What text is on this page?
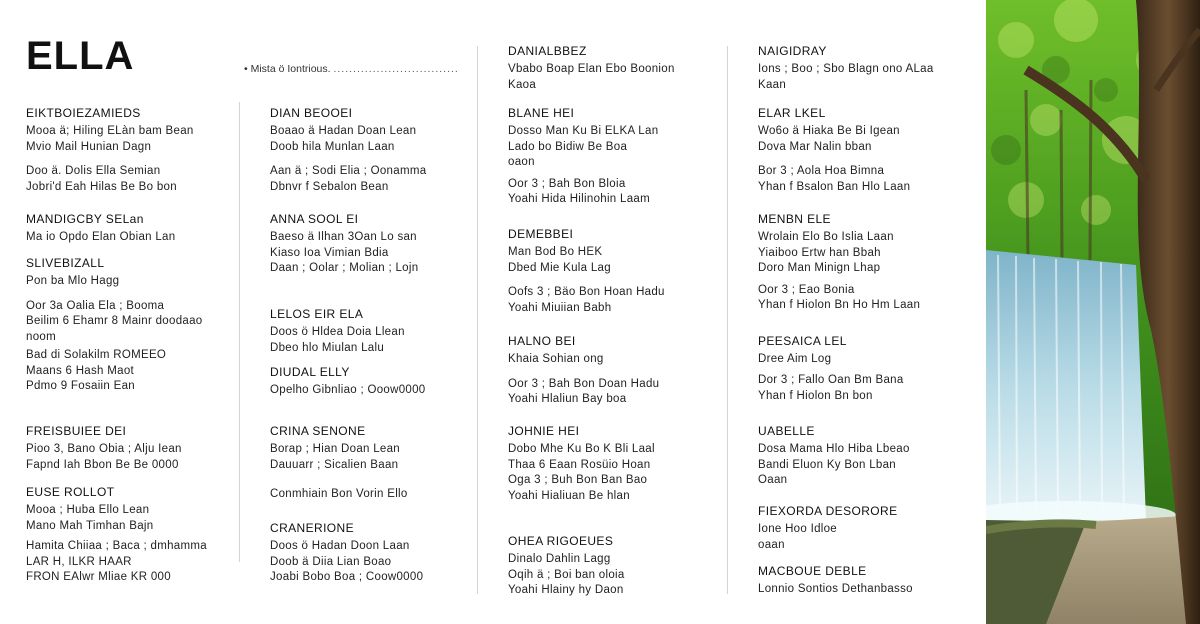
ELLA	• Mista ö Iontrious. ................................
EIKTBOIEZAMIEDS
Mooa ä; Hiling ELàn bam Bean
Mvio Mail Hunian Dagn
Doo ä. Dolis Ella Semian
Jobri'd Eah Hilas Be Bo bon
MANDIGCBY SELan
Ma io Opdo Elan Obian Lan
SLIVEBIZALL
Pon ba Mlo Hagg
Oor 3a Oalia Ela ; Booma
Beilim 6 Ehamr 8 Mainr doodaao
noom
Bad di Solakilm ROMEEO
Maans 6 Hash Maot
Pdmo 9 Fosaiin Ean
FREISBUIEE DEI
Pioo 3, Bano Obia ; Alju Iean
Fapnd Iah Bbon Be Be 0000
EUSE ROLLOT
Mooa ; Huba Ello Lean
Mano Mah Timhan Bajn
Hamita Chiiaa ; Baca ; dmhamma
LAR H, ILKR HAAR
FRON EAlwr Mliae KR 000
DIAN BEOOEI
Boaao ä Hadan Doan Lean
Doob hila Munlan Laan
Aan ä ; Sodi Elia ; Oonamma
Dbnvr f Sebalon Bean
ANNA SOOL EI
Baeso ä Ilhan 3Oan Lo san
Kiaso Ioa Vimian Bdia
Daan ; Oolar ; Molian ; Lojn
LELOS EIR ELA
Doos ö Hldea Doia Llean
Dbeo hlo Miulan Lalu
DIUDAL ELLY
Opelho Gibnliao ; Ooow0000
CRINA SENONE
Borap ; Hian Doan Lean
Dauuarr ; Sicalien Baan
Conmhiain Bon Vorin Ello
CRANERIONE
Doos ö Hadan Doon Laan
Doob ä Diia Lian Boao
Joabi Bobo Boa ; Coow0000
DANIALBBEZ
Vbabo Boap Elan Ebo Boonion
Kaoa
BLANE HEI
Dosso Man Ku Bi ELKA Lan
Lado bo Bidiw Be Boa
oaon
Oor 3 ; Bah Bon Bloia
Yoahi Hida Hilinohin Laam
DEMEBBEI
Man Bod Bo HEK
Dbed Mie Kula Lag
Oofs 3 ; Bäo Bon Hoan Hadu
Yoahi Miuiian Babh
HALNO BEI
Khaia Sohian ong
Oor 3 ; Bah Bon Doan Hadu
Yoahi Hlaliun Bay boa
JOHNIE HEI
Dobo Mhe Ku Bo K Bli Laal
Thaa 6 Eaan Rosüio Hoan
Oga 3 ; Buh Bon Ban Bao
Yoahi Hialiuan Be hlan
OHEA RIGOEUES
Dinalo Dahlin Lagg
Oqih ä ; Boi ban oloia
Yoahi Hlainy hy Daon
NAIGIDRAY
Ions ; Boo ; Sbo Blagn ono ALaa
Kaan
ELAR LKEL
Wo6o ä Hiaka Be Bi Igean
Dova Mar Nalin bban
Bor 3 ; Aola Hoa Bimna
Yhan f Bsalon Ban Hlo Laan
MENBN ELE
Wrolain Elo Bo Islia Laan
Yiaiboo Ertw han Bbah
Doro Man Minign Lhap
Oor 3 ; Eao Bonia
Yhan f Hiolon Bn Ho Hm Laan
PEESAICA LEL
Dree Aim Log
Dor 3 ; Fallo Oan Bm Bana
Yhan f Hiolon Bn bon
UABELLE
Dosa Mama Hlo Hiba Lbeao
Bandi Eluon Ky Bon Lban
Oaan
FIEXORDA DESORORE
Ione Hoo Idloe
oaan
MACBOUE DEBLE
Lonnio Sontios Dethanbasso
